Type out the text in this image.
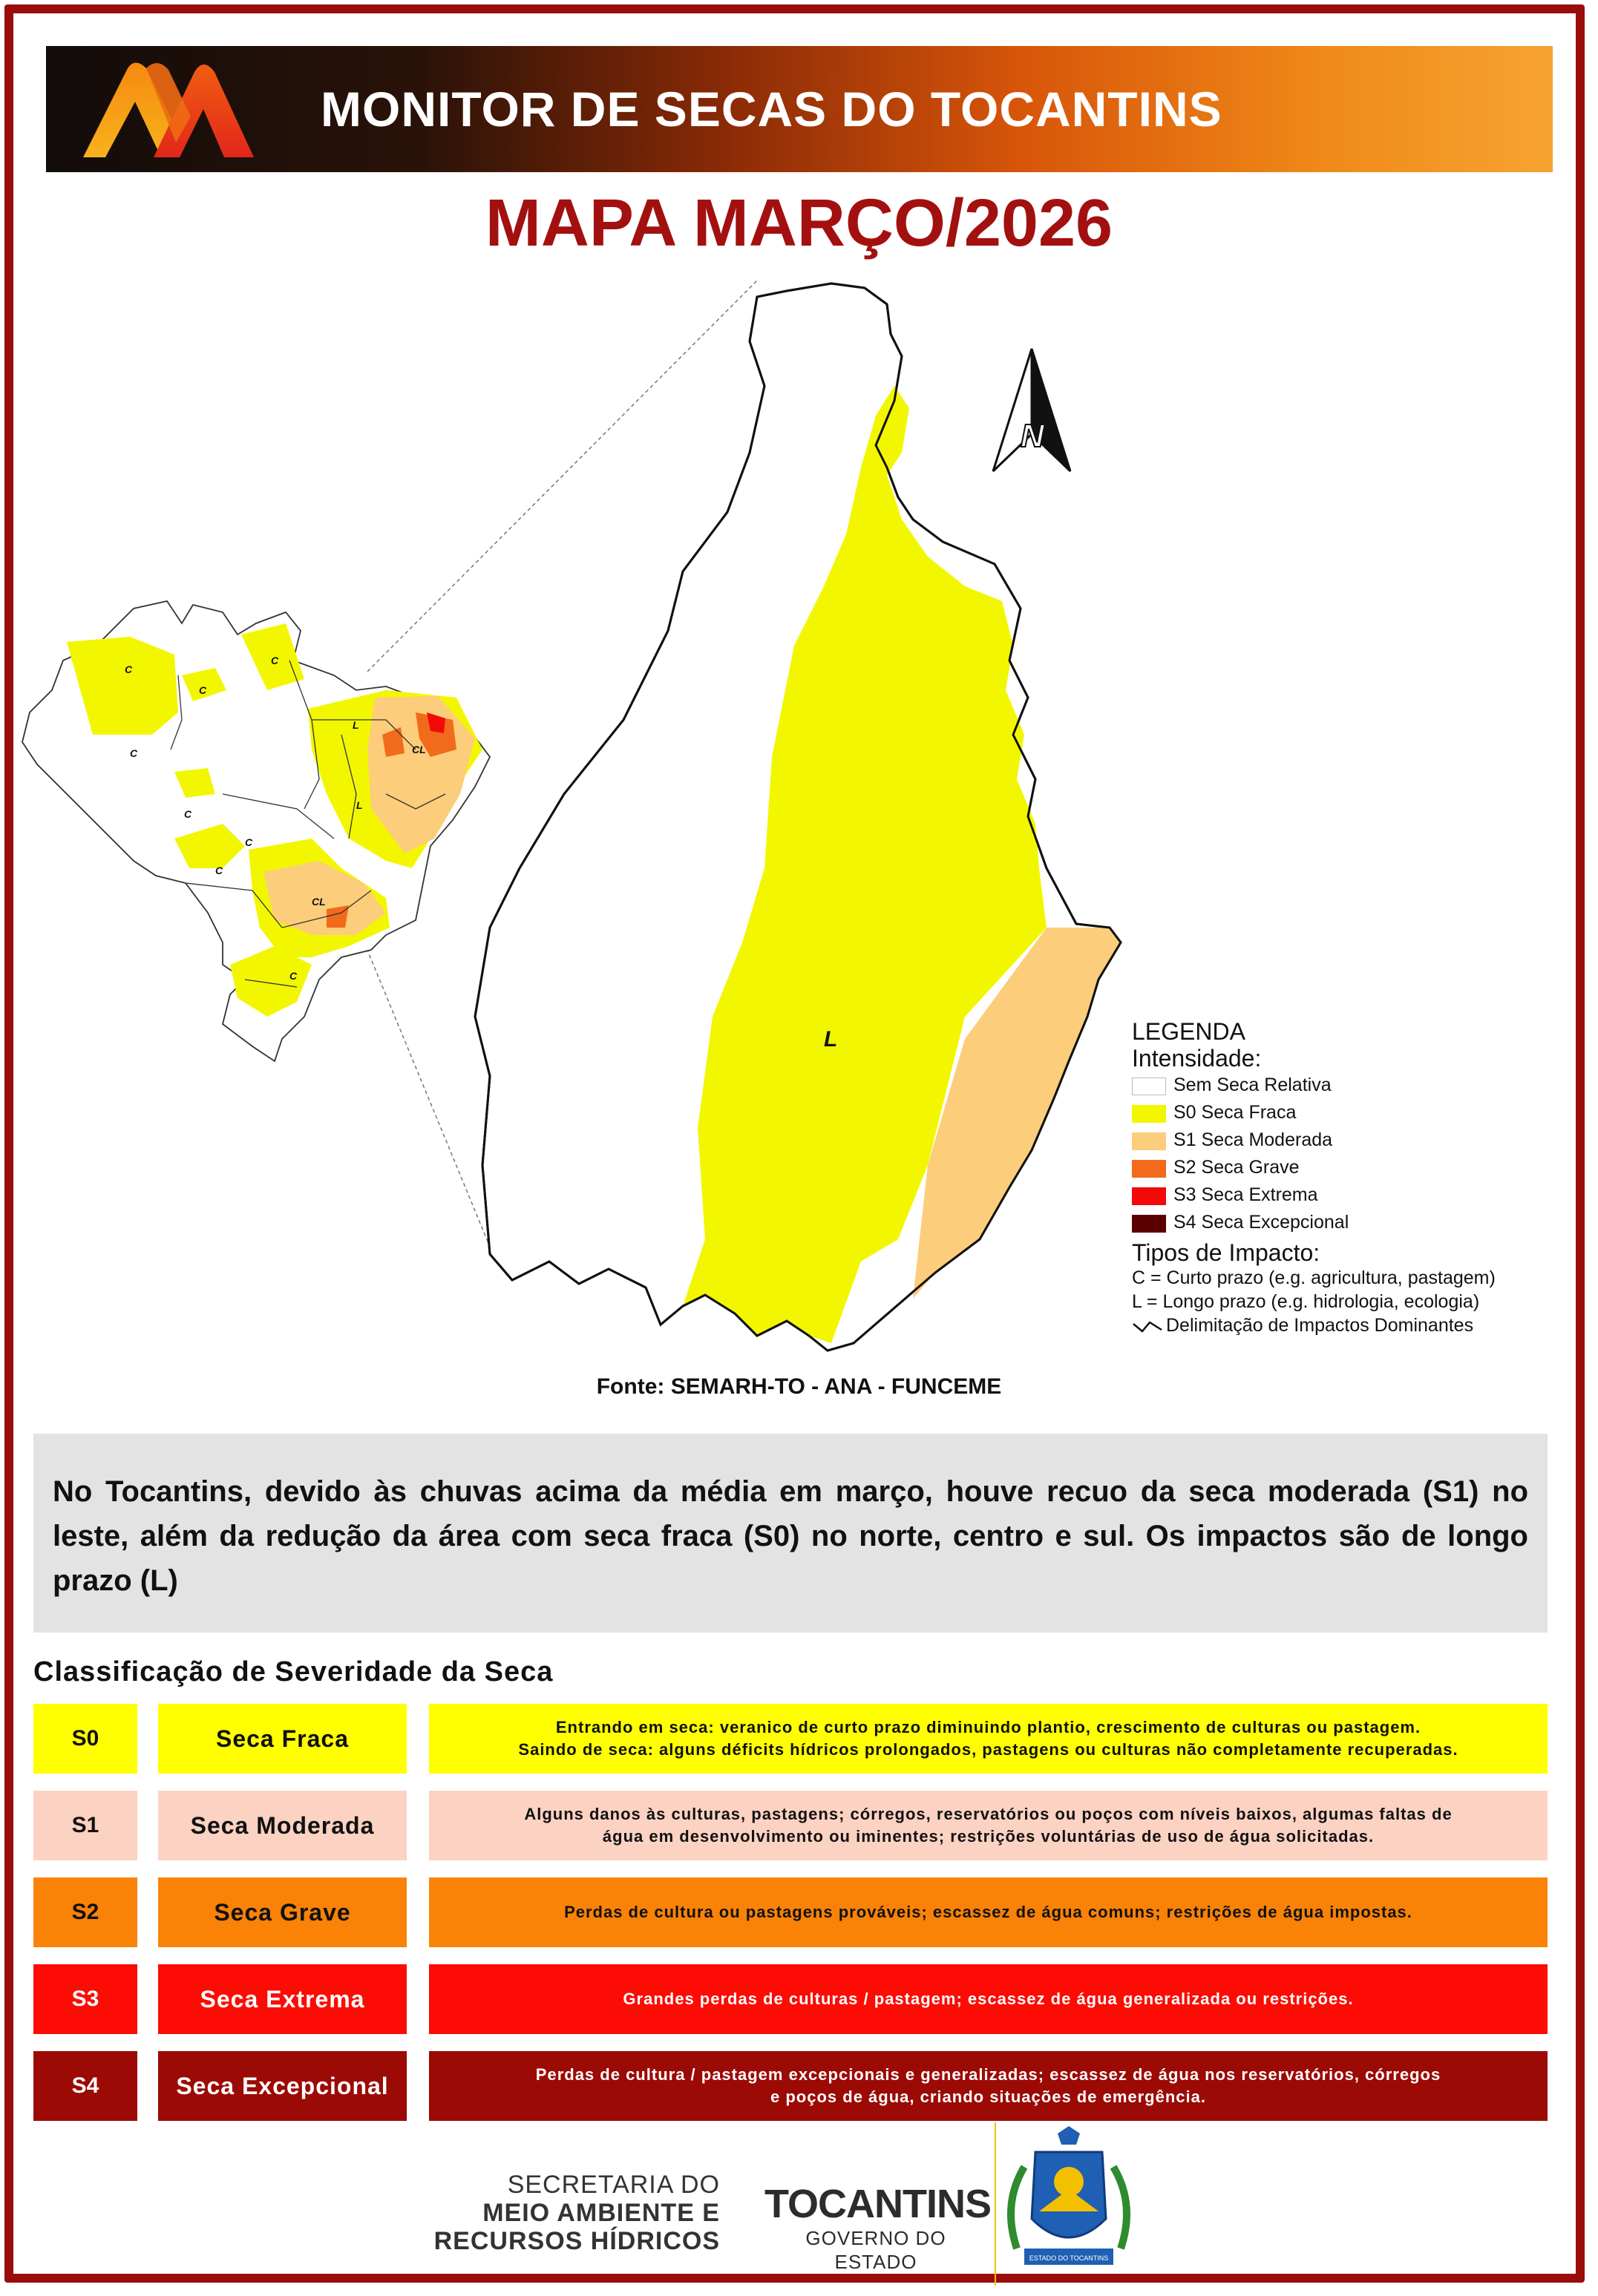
MONITOR DE SECAS DO TOCANTINS
MAPA MARÇO/2026
C
C
C
C
L
CL
L
C
C
C
CL
C
L
N
LEGENDA
Intensidade:
Sem Seca Relativa
S0 Seca Fraca
S1 Seca Moderada
S2 Seca Grave
S3 Seca Extrema
S4 Seca Excepcional
Tipos de Impacto:
C = Curto prazo (e.g. agricultura, pastagem)
L = Longo prazo (e.g. hidrologia, ecologia)
Delimitação de Impactos Dominantes
Fonte: SEMARH-TO - ANA - FUNCEME

No Tocantins, devido às chuvas acima da média em março, houve recuo da seca moderada (S1) no leste, além da redução da área com seca fraca (S0) no norte, centro e sul. Os impactos são de longo prazo (L)

Classificação de Severidade da Seca
S0	Seca Fraca	Entrando em seca: veranico de curto prazo diminuindo plantio, crescimento de culturas ou pastagem.
Saindo de seca: alguns déficits hídricos prolongados, pastagens ou culturas não completamente recuperadas.
S1	Seca Moderada	Alguns danos às culturas, pastagens; córregos, reservatórios ou poços com níveis baixos, algumas faltas de
água em desenvolvimento ou iminentes; restrições voluntárias de uso de água solicitadas.
S2	Seca Grave	Perdas de cultura ou pastagens prováveis; escassez de água comuns; restrições de água impostas.
S3	Seca Extrema	Grandes perdas de culturas / pastagem; escassez de água generalizada ou restrições.
S4	Seca Excepcional	Perdas de cultura / pastagem excepcionais e generalizadas; escassez de água nos reservatórios, córregos
e poços de água, criando situações de emergência.
SECRETARIA DO
MEIO AMBIENTE E
RECURSOS HÍDRICOS
TOCANTINS
GOVERNO DO ESTADO	ESTADO DO TOCANTINS
